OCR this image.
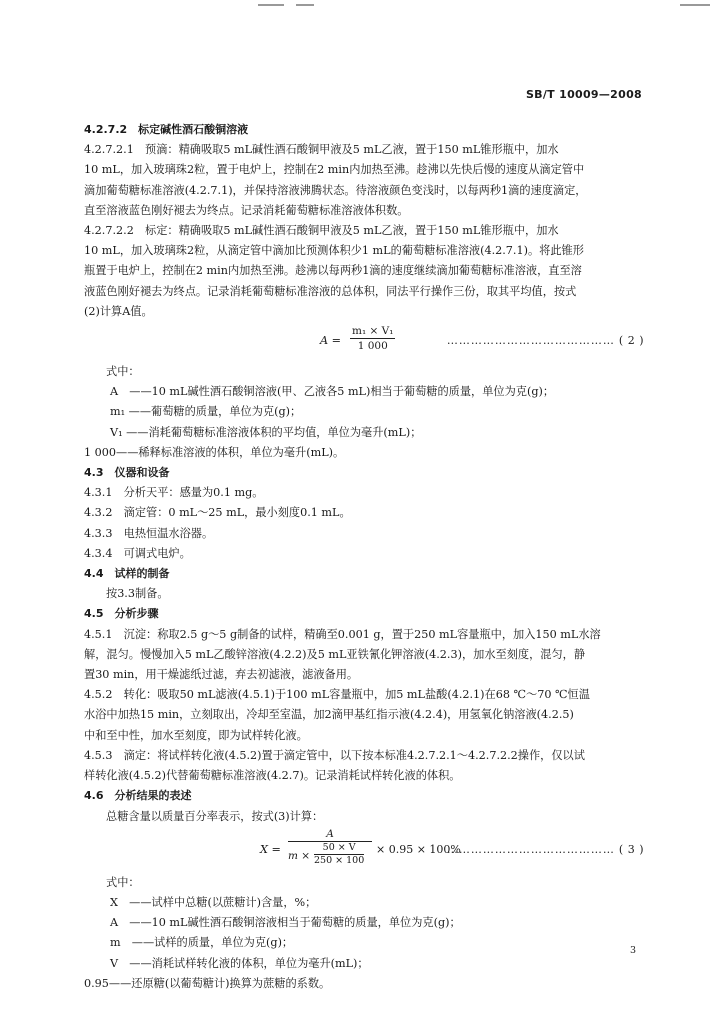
SB/T 10009—2008
4.2.7.2　标定碱性酒石酸铜溶液
4.2.7.2.1　预滴：精确吸取5 mL碱性酒石酸铜甲液及5 mL乙液，置于150 mL锥形瓶中，加水
10 mL，加入玻璃珠2粒，置于电炉上，控制在2 min内加热至沸。趁沸以先快后慢的速度从滴定管中
滴加葡萄糖标准溶液(4.2.7.1)，并保持溶液沸腾状态。待溶液颜色变浅时，以每两秒1滴的速度滴定，
直至溶液蓝色刚好褪去为终点。记录消耗葡萄糖标准溶液体积数。
4.2.7.2.2　标定：精确吸取5 mL碱性酒石酸铜甲液及5 mL乙液，置于150 mL锥形瓶中，加水
10 mL，加入玻璃珠2粒，从滴定管中滴加比预测体积少1 mL的葡萄糖标准溶液(4.2.7.1)。将此锥形
瓶置于电炉上，控制在2 min内加热至沸。趁沸以每两秒1滴的速度继续滴加葡萄糖标准溶液，直至溶
液蓝色刚好褪去为终点。记录消耗葡萄糖标准溶液的总体积，同法平行操作三份，取其平均值，按式
(2)计算A值。
$A = \frac{\text{m₁ × V₁}}{1 000}$	…………………………………… ( 2 )
式中：
A　——10 mL碱性酒石酸铜溶液(甲、乙液各5 mL)相当于葡萄糖的质量，单位为克(g)；
m₁ ——葡萄糖的质量，单位为克(g)；
V₁ ——消耗葡萄糖标准溶液体积的平均值，单位为毫升(mL)；
1 000——稀释标准溶液的体积，单位为毫升(mL)。
4.3　仪器和设备
4.3.1　分析天平：感量为0.1 mg。
4.3.2　滴定管：0 mL～25 mL，最小刻度0.1 mL。
4.3.3　电热恒温水浴器。
4.3.4　可调式电炉。
4.4　试样的制备
按3.3制备。
4.5　分析步骤
4.5.1　沉淀：称取2.5 g～5 g制备的试样，精确至0.001 g，置于250 mL容量瓶中，加入150 mL水溶
解，混匀。慢慢加入5 mL乙酸锌溶液(4.2.2)及5 mL亚铁氰化钾溶液(4.2.3)，加水至刻度，混匀，静
置30 min，用干燥滤纸过滤，弃去初滤液，滤液备用。
4.5.2　转化：吸取50 mL滤液(4.5.1)于100 mL容量瓶中，加5 mL盐酸(4.2.1)在68 ℃～70 ℃恒温
水浴中加热15 min，立刻取出，冷却至室温，加2滴甲基红指示液(4.2.4)，用氢氧化钠溶液(4.2.5)
中和至中性，加水至刻度，即为试样转化液。
4.5.3　滴定：将试样转化液(4.5.2)置于滴定管中，以下按本标准4.2.7.2.1～4.2.7.2.2操作，仅以试
样转化液(4.5.2)代替葡萄糖标准溶液(4.2.7)。记录消耗试样转化液的体积。
4.6　分析结果的表述
总糖含量以质量百分率表示，按式(3)计算：
$X = \frac{A}{m \times \frac{50 \times V}{250 \times 100}} \times 0.95 \times 100\%$
…………………………………… ( 3 )
式中：
X　——试样中总糖(以蔗糖计)含量，%；
A　——10 mL碱性酒石酸铜溶液相当于葡萄糖的质量，单位为克(g)；
m　——试样的质量，单位为克(g)；
V　——消耗试样转化液的体积，单位为毫升(mL)；
0.95——还原糖(以葡萄糖计)换算为蔗糖的系数。
3
